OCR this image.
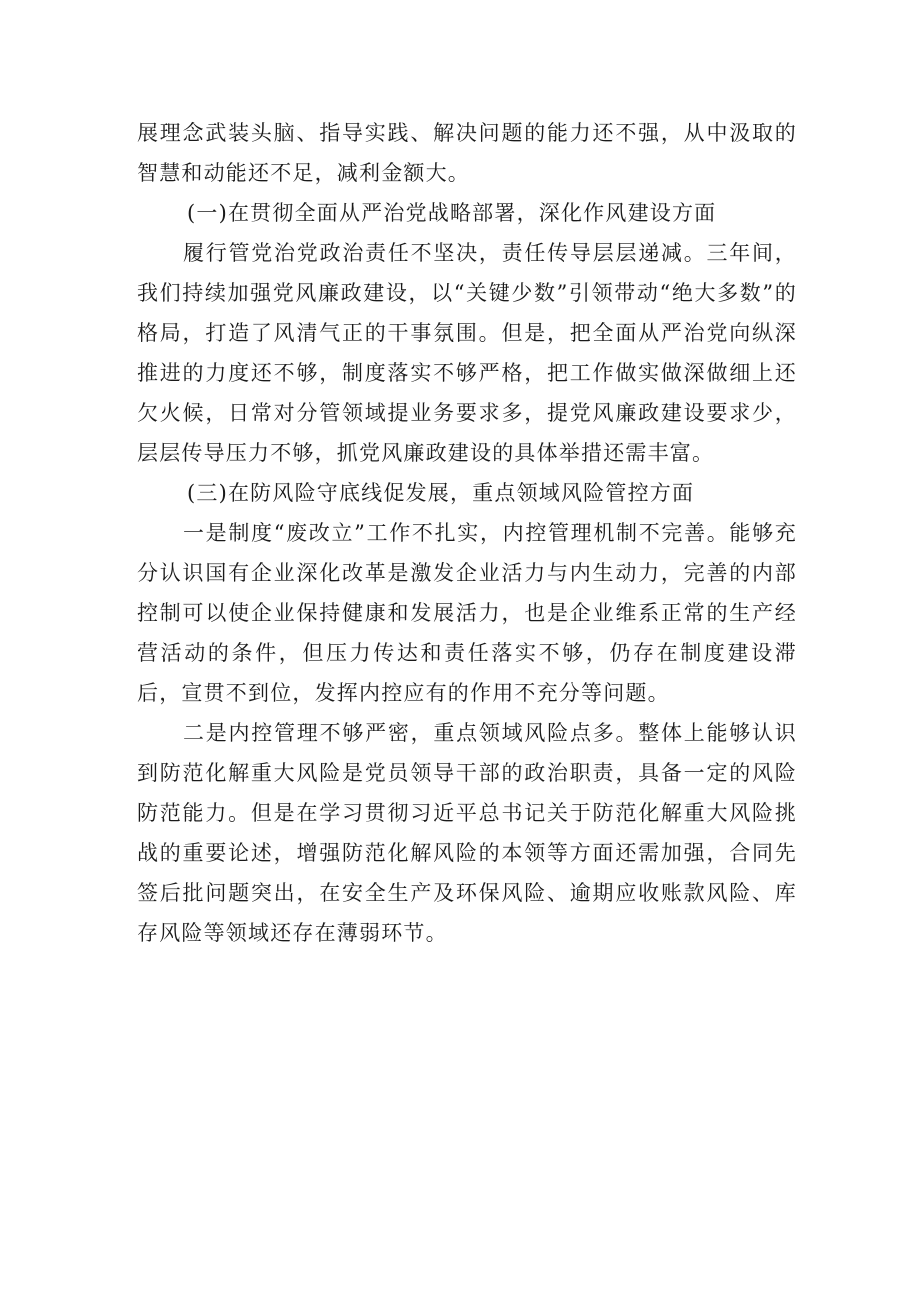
展理念武装头脑、指导实践、解决问题的能力还不强，从中汲取的智慧和动能还不足，减利金额大。

(一)在贯彻全面从严治党战略部署，深化作风建设方面

履行管党治党政治责任不坚决，责任传导层层递减。三年间，我们持续加强党风廉政建设，以“关键少数”引领带动“绝大多数”的格局，打造了风清气正的干事氛围。但是，把全面从严治党向纵深推进的力度还不够，制度落实不够严格，把工作做实做深做细上还欠火候，日常对分管领域提业务要求多，提党风廉政建设要求少，层层传导压力不够，抓党风廉政建设的具体举措还需丰富。

(三)在防风险守底线促发展，重点领域风险管控方面

一是制度“废改立”工作不扎实，内控管理机制不完善。能够充分认识国有企业深化改革是激发企业活力与内生动力，完善的内部控制可以使企业保持健康和发展活力，也是企业维系正常的生产经营活动的条件，但压力传达和责任落实不够，仍存在制度建设滞后，宣贯不到位，发挥内控应有的作用不充分等问题。

二是内控管理不够严密，重点领域风险点多。整体上能够认识到防范化解重大风险是党员领导干部的政治职责，具备一定的风险防范能力。但是在学习贯彻习近平总书记关于防范化解重大风险挑战的重要论述，增强防范化解风险的本领等方面还需加强，合同先签后批问题突出，在安全生产及环保风险、逾期应收账款风险、库存风险等领域还存在薄弱环节。
